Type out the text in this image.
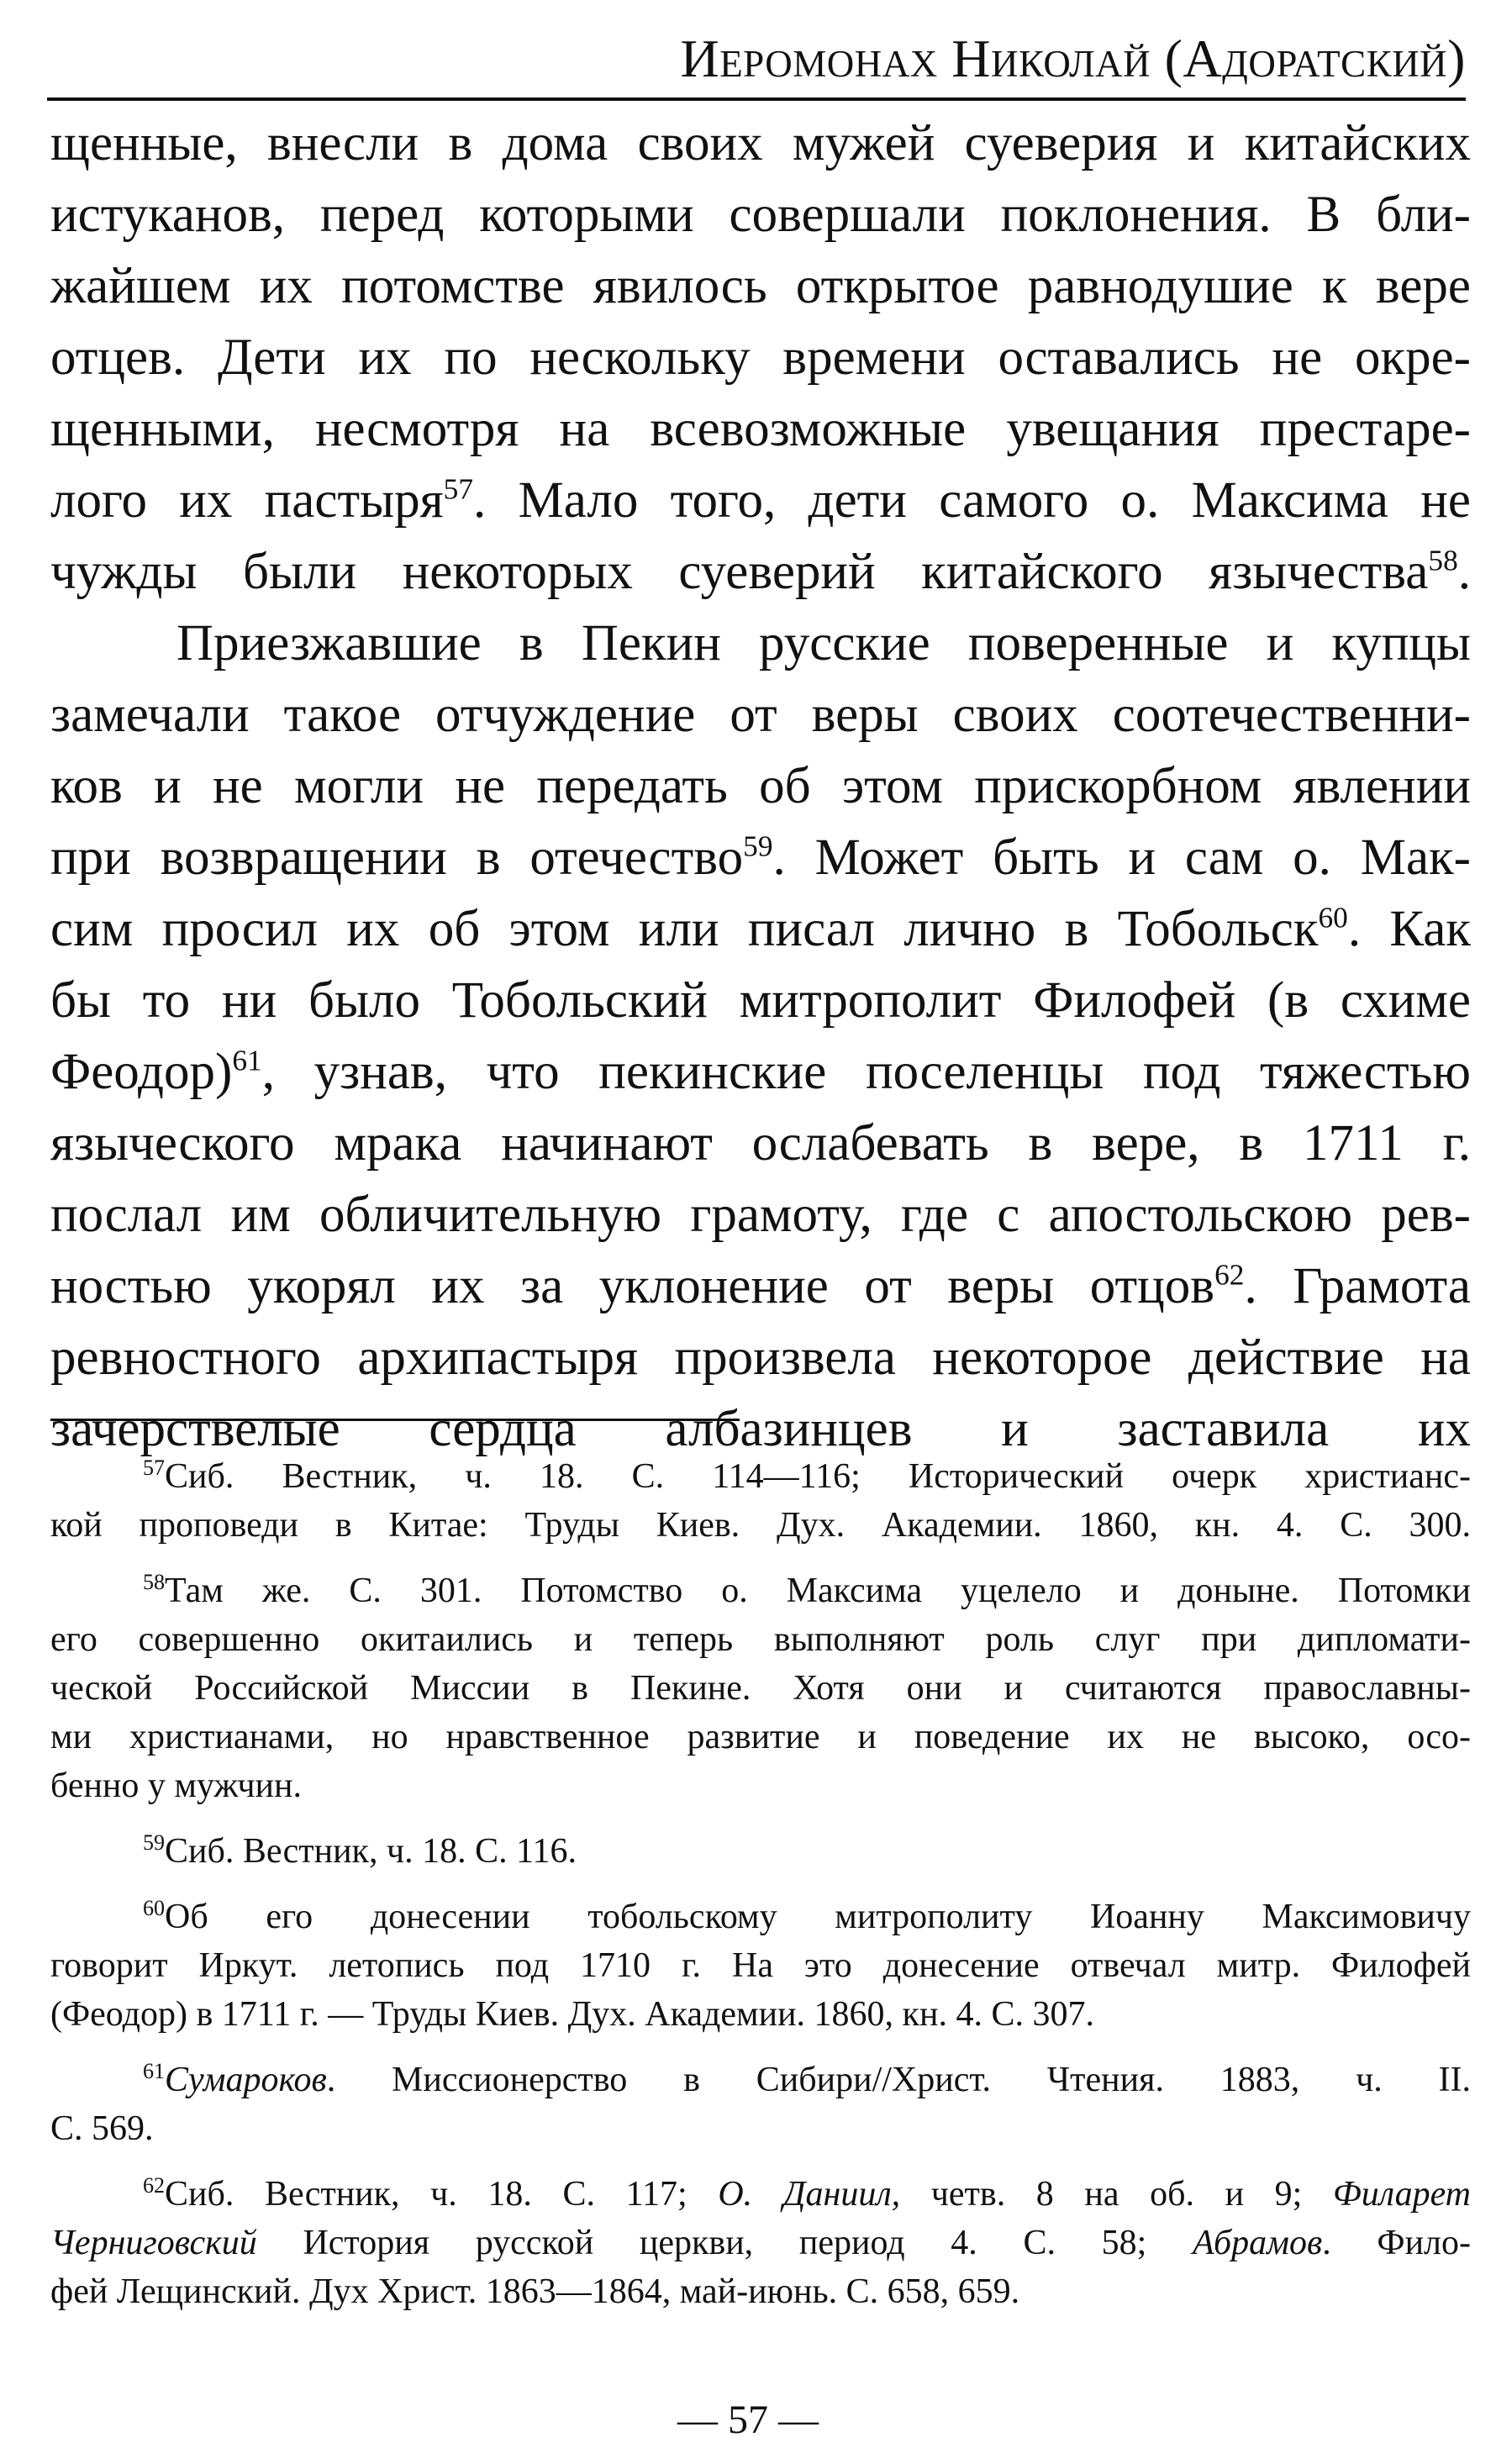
Иеромонах Николай (Адоратский)
щенные, внесли в дома своих мужей суеверия и китайских
истуканов, перед которыми совершали поклонения. В бли-
жайшем их потомстве явилось открытое равнодушие к вере
отцев. Дети их по нескольку времени оставались не окре-
щенными, несмотря на всевозможные увещания престаре-
лого их пастыря$^{57}$. Мало того, дети самого о. Максима не
чужды были некоторых суеверий китайского язычества$^{58}$.
Приезжавшие в Пекин русские поверенные и купцы
замечали такое отчуждение от веры своих соотечественни-
ков и не могли не передать об этом прискорбном явлении
при возвращении в отечество$^{59}$. Может быть и сам о. Мак-
сим просил их об этом или писал лично в Тобольск$^{60}$. Как
бы то ни было Тобольский митрополит Филофей (в схиме
Феодор)$^{61}$, узнав, что пекинские поселенцы под тяжестью
языческого мрака начинают ослабевать в вере, в 1711 г.
послал им обличительную грамоту, где с апостольскою рев-
ностью укорял их за уклонение от веры отцов$^{62}$. Грамота
ревностного архипастыря произвела некоторое действие на
зачерствелые сердца албазинцев и заставила их
$^{57}$Сиб. Вестник, ч. 18. С. 114—116; Исторический очерк христианс-
кой проповеди в Китае: Труды Киев. Дух. Академии. 1860, кн. 4. С. 300.
$^{58}$Там же. С. 301. Потомство о. Максима уцелело и доныне. Потомки
его совершенно окитаились и теперь выполняют роль слуг при дипломати-
ческой Российской Миссии в Пекине. Хотя они и считаются православны-
ми христианами, но нравственное развитие и поведение их не высоко, осо-
бенно у мужчин.
$^{59}$Сиб. Вестник, ч. 18. С. 116.
$^{60}$Об его донесении тобольскому митрополиту Иоанну Максимовичу
говорит Иркут. летопись под 1710 г. На это донесение отвечал митр. Филофей
(Феодор) в 1711 г. — Труды Киев. Дух. Академии. 1860, кн. 4. С. 307.
$^{61}$Сумароков. Миссионерство в Сибири//Христ. Чтения. 1883, ч. II.
С. 569.
$^{62}$Сиб. Вестник, ч. 18. С. 117; О. Даниил, четв. 8 на об. и 9; Филарет
Черниговский История русской церкви, период 4. С. 58; Абрамов. Фило-
фей Лещинский. Дух Христ. 1863—1864, май-июнь. С. 658, 659.
— 57 —
